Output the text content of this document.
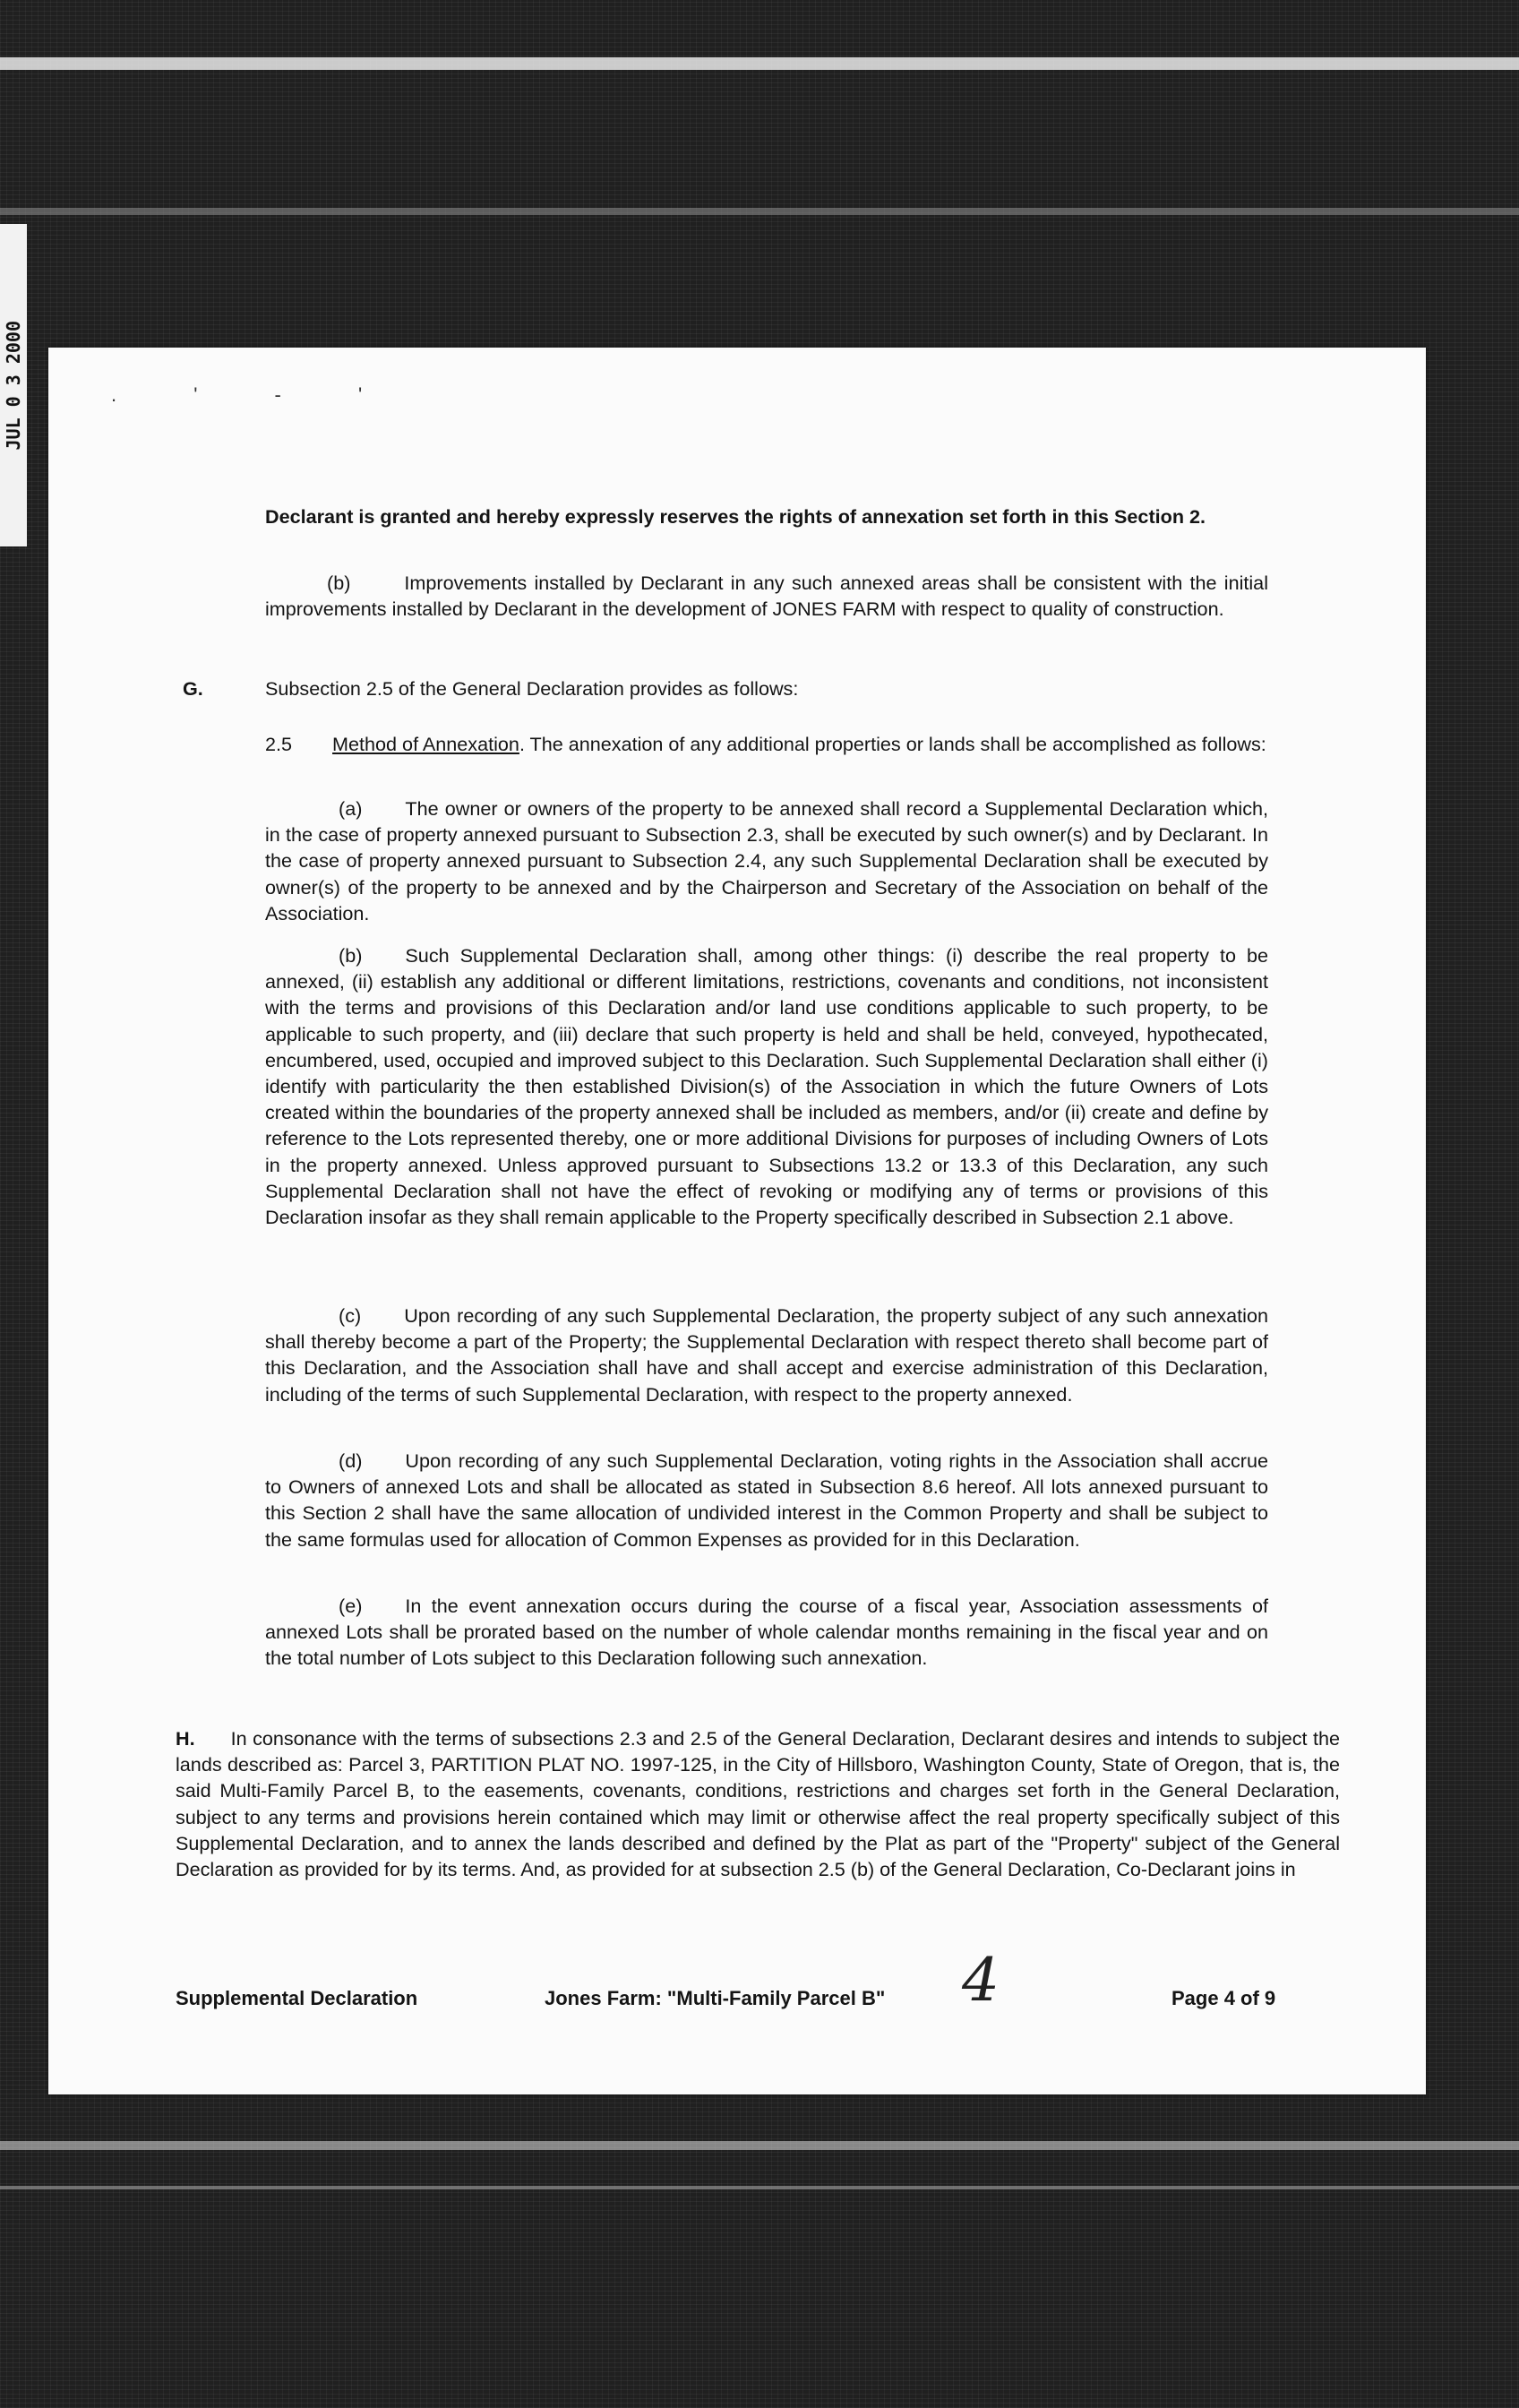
JUL 0 3 2000	. ' - '
Declarant is granted and hereby expressly reserves the rights of annexation set forth in this Section 2.
(b)	Improvements installed by Declarant in any such annexed areas shall be consistent with the initial improvements installed by Declarant in the development of JONES FARM with respect to quality of construction.
G.	Subsection 2.5 of the General Declaration provides as follows:
2.5 Method of Annexation. The annexation of any additional properties or lands shall be accomplished as follows:
(a) The owner or owners of the property to be annexed shall record a Supplemental Declaration which, in the case of property annexed pursuant to Subsection 2.3, shall be executed by such owner(s) and by Declarant. In the case of property annexed pursuant to Subsection 2.4, any such Supplemental Declaration shall be executed by owner(s) of the property to be annexed and by the Chairperson and Secretary of the Association on behalf of the Association.
(b) Such Supplemental Declaration shall, among other things: (i) describe the real property to be annexed, (ii) establish any additional or different limitations, restrictions, covenants and conditions, not inconsistent with the terms and provisions of this Declaration and/or land use conditions applicable to such property, to be applicable to such property, and (iii) declare that such property is held and shall be held, conveyed, hypothecated, encumbered, used, occupied and improved subject to this Declaration. Such Supplemental Declaration shall either (i) identify with particularity the then established Division(s) of the Association in which the future Owners of Lots created within the boundaries of the property annexed shall be included as members, and/or (ii) create and define by reference to the Lots represented thereby, one or more additional Divisions for purposes of including Owners of Lots in the property annexed. Unless approved pursuant to Subsections 13.2 or 13.3 of this Declaration, any such Supplemental Declaration shall not have the effect of revoking or modifying any of terms or provisions of this Declaration insofar as they shall remain applicable to the Property specifically described in Subsection 2.1 above.
(c) Upon recording of any such Supplemental Declaration, the property subject of any such annexation shall thereby become a part of the Property; the Supplemental Declaration with respect thereto shall become part of this Declaration, and the Association shall have and shall accept and exercise administration of this Declaration, including of the terms of such Supplemental Declaration, with respect to the property annexed.
(d) Upon recording of any such Supplemental Declaration, voting rights in the Association shall accrue to Owners of annexed Lots and shall be allocated as stated in Subsection 8.6 hereof. All lots annexed pursuant to this Section 2 shall have the same allocation of undivided interest in the Common Property and shall be subject to the same formulas used for allocation of Common Expenses as provided for in this Declaration.
(e) In the event annexation occurs during the course of a fiscal year, Association assessments of annexed Lots shall be prorated based on the number of whole calendar months remaining in the fiscal year and on the total number of Lots subject to this Declaration following such annexation.
H. In consonance with the terms of subsections 2.3 and 2.5 of the General Declaration, Declarant desires and intends to subject the lands described as: Parcel 3, PARTITION PLAT NO. 1997-125, in the City of Hillsboro, Washington County, State of Oregon, that is, the said Multi-Family Parcel B, to the easements, covenants, conditions, restrictions and charges set forth in the General Declaration, subject to any terms and provisions herein contained which may limit or otherwise affect the real property specifically subject of this Supplemental Declaration, and to annex the lands described and defined by the Plat as part of the "Property" subject of the General Declaration as provided for by its terms. And, as provided for at subsection 2.5 (b) of the General Declaration, Co-Declarant joins in
Supplemental Declaration	Jones Farm: "Multi-Family Parcel B" 4	Page 4 of 9
